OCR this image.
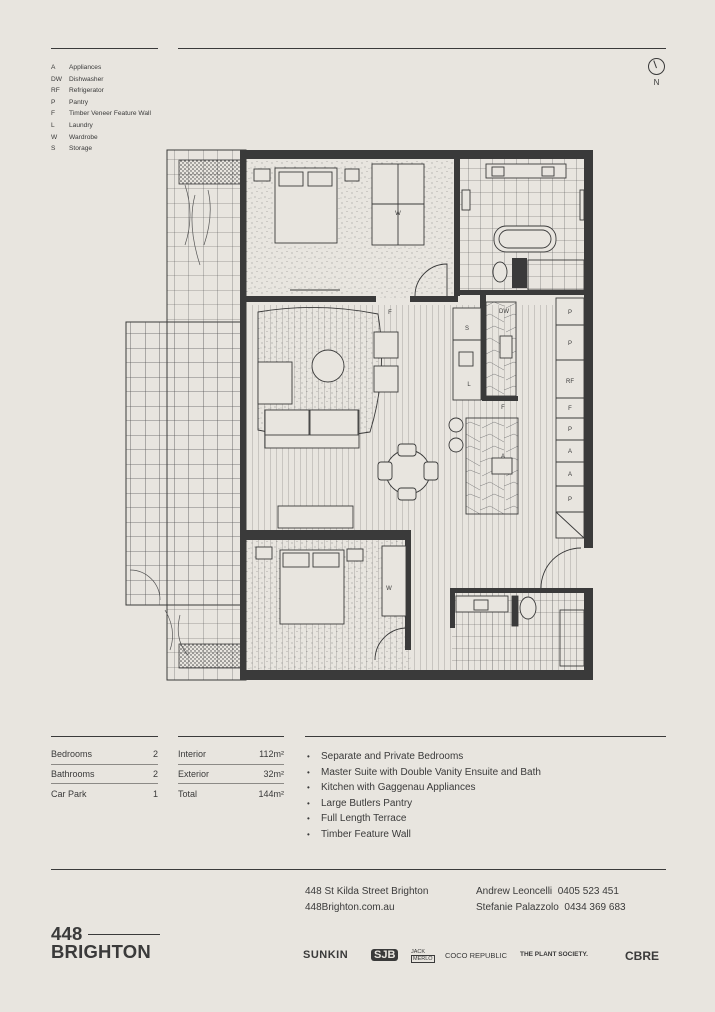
A	Appliances
DW	Dishwasher
RF	Refrigerator
P	Pantry
F	Timber Veneer Feature Wall
L	Laundry
W	Wardrobe
S	Storage
N
W
F
S
DW
L
F
P
P
RF
F
P
A
A
P
A
W
Bedrooms	2
Bathrooms	2
Car Park	1
Interior	112m²
Exterior	32m²
Total	144m²
•	Separate and Private Bedrooms
•	Master Suite with Double Vanity Ensuite and Bath
•	Kitchen with Gaggenau Appliances
•	Large Butlers Pantry
•	Full Length Terrace
•	Timber Feature Wall
448 St Kilda Street Brighton
448Brighton.com.au
Andrew Leoncelli 0405 523 451
Stefanie Palazzolo 0434 369 683
448
BRIGHTON	SUNKIN SJB	JACK
MERLO COCO REPUBLIC THE PLANT SOCIETY.	CBRE
